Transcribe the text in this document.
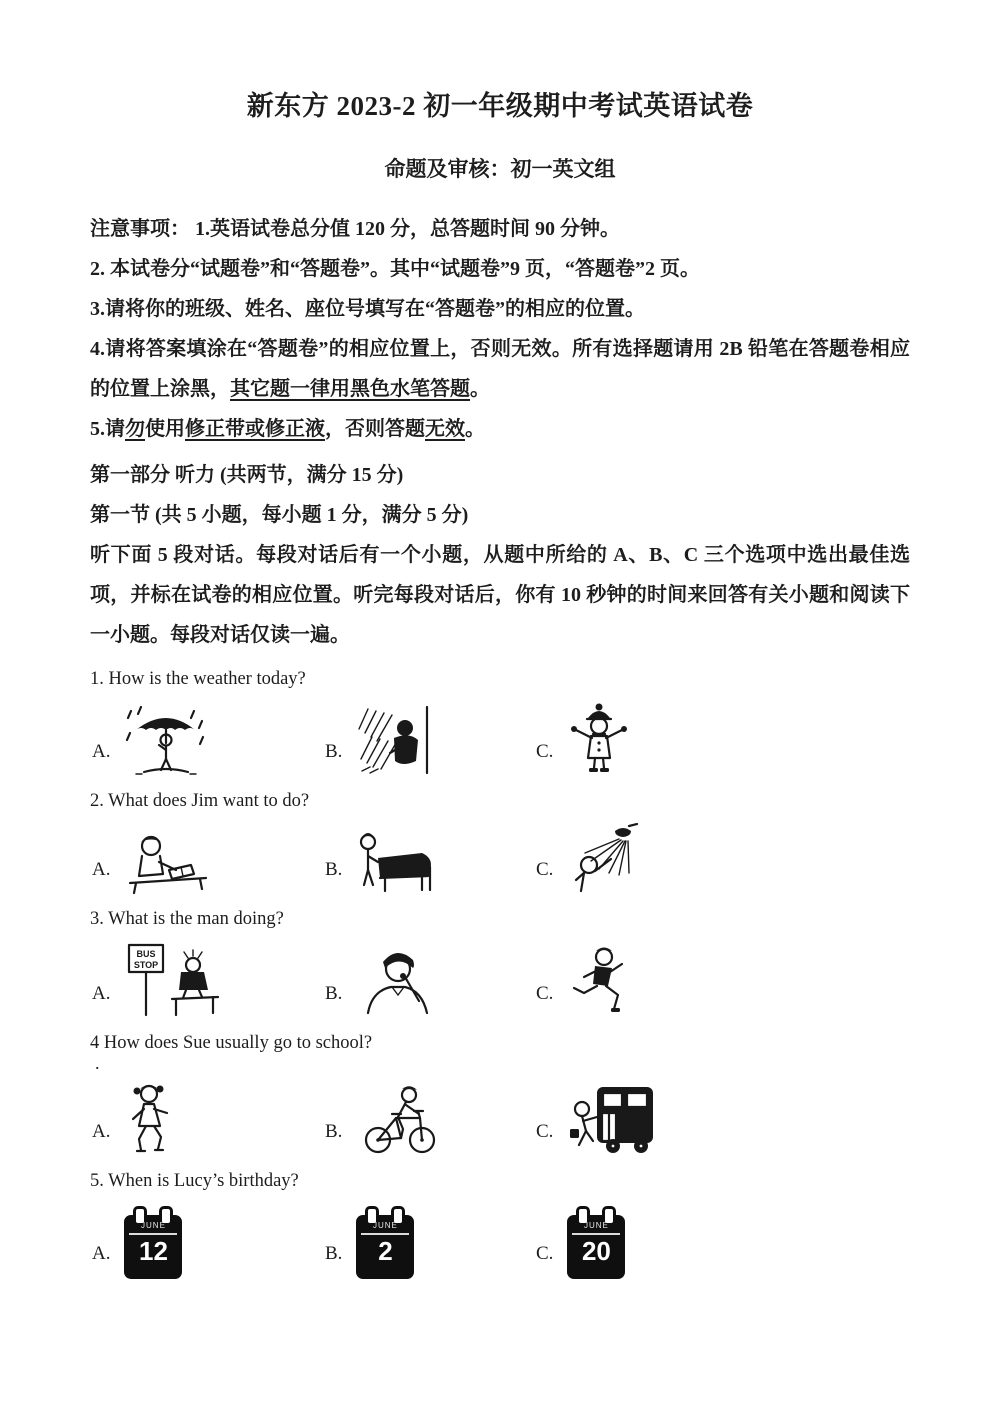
新东方 2023-2 初一年级期中考试英语试卷
命题及审核：初一英文组

注意事项： 1.英语试卷总分值 120 分，总答题时间 90 分钟。

2. 本试卷分“试题卷”和“答题卷”。其中“试题卷”9 页，“答题卷”2 页。

3.请将你的班级、姓名、座位号填写在“答题卷”的相应的位置。

4.请将答案填涂在“答题卷”的相应位置上，否则无效。所有选择题请用 2B 铅笔在答题卷相应的位置上涂黑，其它题一律用黑色水笔答题。

5.请勿使用修正带或修正液，否则答题无效。

第一部分 听力 (共两节，满分 15 分)

第一节 (共 5 小题，每小题 1 分，满分 5 分)

听下面 5 段对话。每段对话后有一个小题，从题中所给的 A、B、C 三个选项中选出最佳选项，并标在试卷的相应位置。听完每段对话后，你有 10 秒钟的时间来回答有关小题和阅读下一小题。每段对话仅读一遍。

1. How is the weather today?

A.	B.	C.

2. What does Jim want to do?

A.	B.	C.

3. What is the man doing?

A.
BUS
STOP
B.	C.

4 How does Sue usually go to school?

.

A.	B.	C.

5. When is Lucy’s birthday?

A.
JUNE
12	B.
JUNE
2	C.
JUNE
20
